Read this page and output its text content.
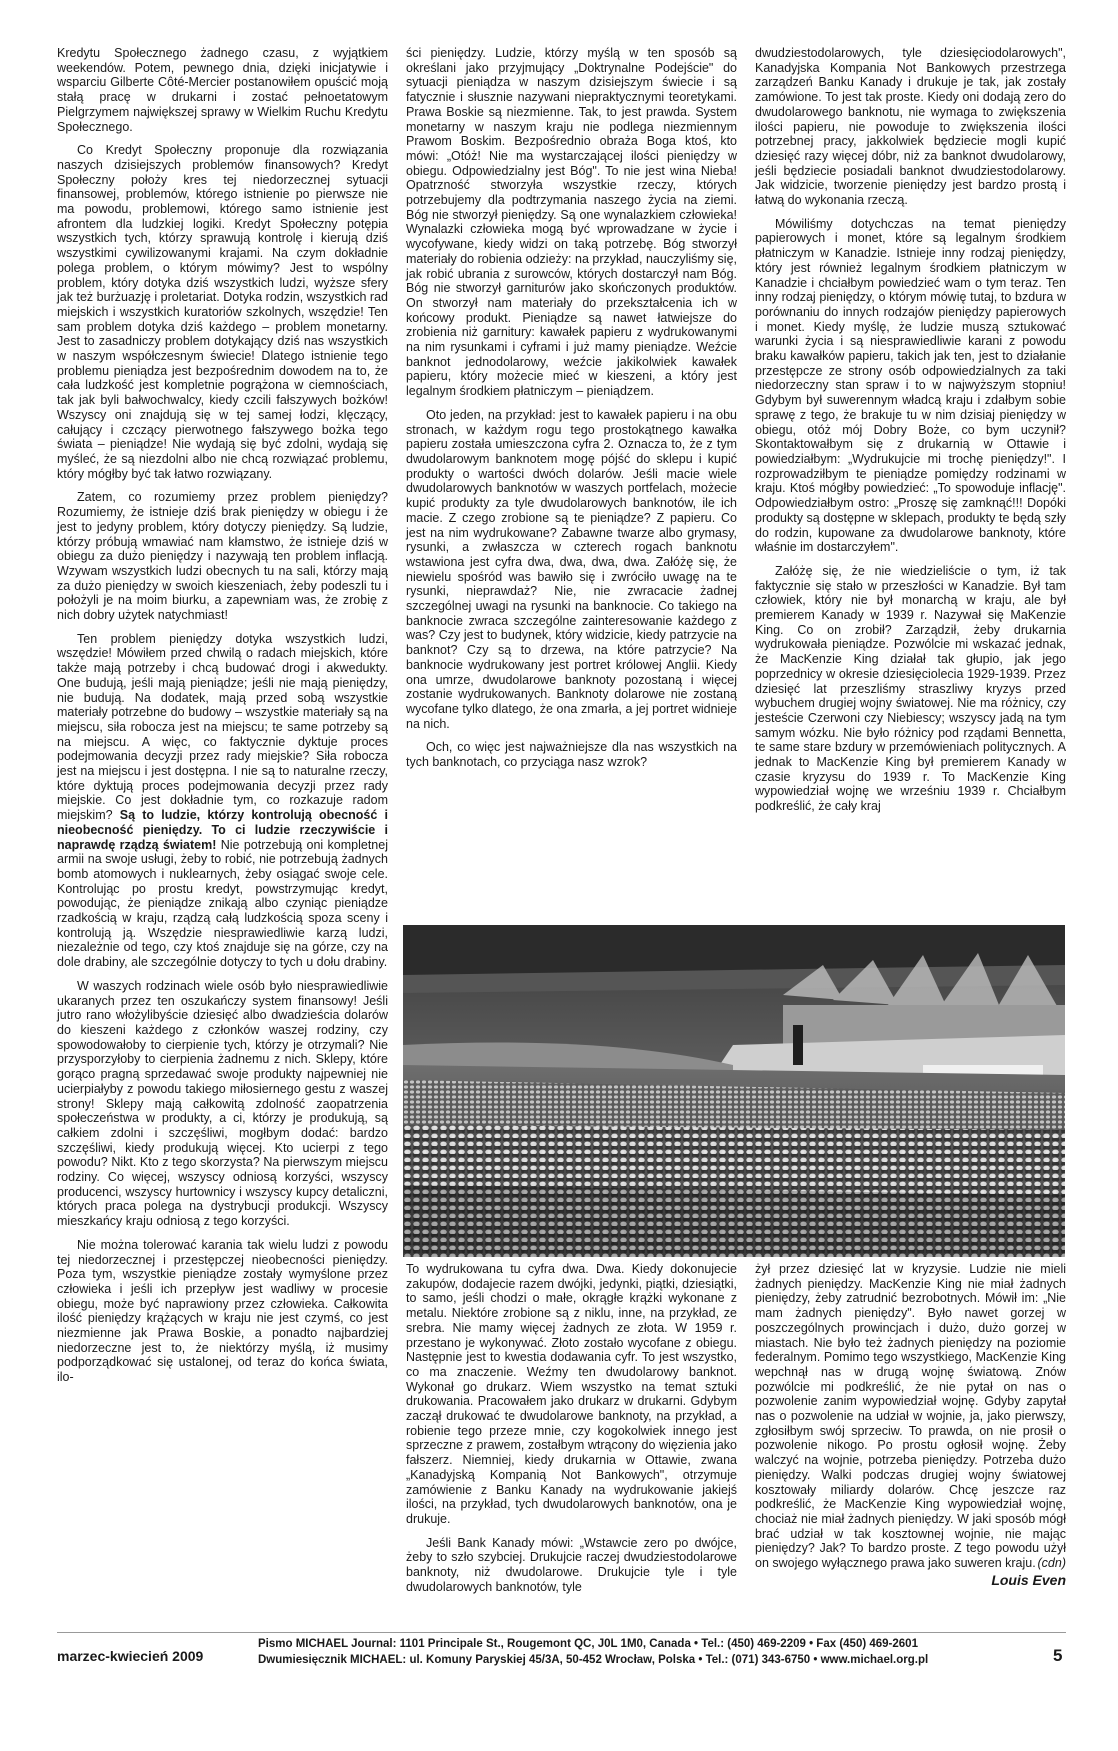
Kredytu Społecznego żadnego czasu, z wyjątkiem weekendów. Potem, pewnego dnia, dzięki inicjatywie i wsparciu Gilberte Côté-Mercier postanowiłem opuścić moją stałą pracę w drukarni i zostać pełnoetatowym Pielgrzymem największej sprawy w Wielkim Ruchu Kredytu Społecznego.

Co Kredyt Społeczny proponuje dla rozwiązania naszych dzisiejszych problemów finansowych? Kredyt Społeczny położy kres tej niedorzecznej sytuacji finansowej, problemów, którego istnienie po pierwsze nie ma powodu, problemowi, którego samo istnienie jest afrontem dla ludzkiej logiki. Kredyt Społeczny potępia wszystkich tych, którzy sprawują kontrolę i kierują dziś wszystkimi cywilizowanymi krajami. Na czym dokładnie polega problem, o którym mówimy? Jest to wspólny problem, który dotyka dziś wszystkich ludzi, wyższe sfery jak też burżuazję i proletariat. Dotyka rodzin, wszystkich rad miejskich i wszystkich kuratoriów szkolnych, wszędzie! Ten sam problem dotyka dziś każdego – problem monetarny. Jest to zasadniczy problem dotykający dziś nas wszystkich w naszym współczesnym świecie! Dlatego istnienie tego problemu pieniądza jest bezpośrednim dowodem na to, że cała ludzkość jest kompletnie pogrążona w ciemnościach, tak jak byli bałwochwalcy, kiedy czcili fałszywych bożków! Wszyscy oni znajdują się w tej samej łodzi, klęczący, całujący i czczący pierwotnego fałszywego bożka tego świata – pieniądze! Nie wydają się być zdolni, wydają się myśleć, że są niezdolni albo nie chcą rozwiązać problemu, który mógłby być tak łatwo rozwiązany.

Zatem, co rozumiemy przez problem pieniędzy? Rozumiemy, że istnieje dziś brak pieniędzy w obiegu i że jest to jedyny problem, który dotyczy pieniędzy. Są ludzie, którzy próbują wmawiać nam kłamstwo, że istnieje dziś w obiegu za dużo pieniędzy i nazywają ten problem inflacją. Wzywam wszystkich ludzi obecnych tu na sali, którzy mają za dużo pieniędzy w swoich kieszeniach, żeby podeszli tu i położyli je na moim biurku, a zapewniam was, że zrobię z nich dobry użytek natychmiast!

Ten problem pieniędzy dotyka wszystkich ludzi, wszędzie! Mówiłem przed chwilą o radach miejskich, które także mają potrzeby i chcą budować drogi i akwedukty. One budują, jeśli mają pieniądze; jeśli nie mają pieniędzy, nie budują. Na dodatek, mają przed sobą wszystkie materiały potrzebne do budowy – wszystkie materiały są na miejscu, siła robocza jest na miejscu; te same potrzeby są na miejscu. A więc, co faktycznie dyktuje proces podejmowania decyzji przez rady miejskie? Siła robocza jest na miejscu i jest dostępna. I nie są to naturalne rzeczy, które dyktują proces podejmowania decyzji przez rady miejskie. Co jest dokładnie tym, co rozkazuje radom miejskim? Są to ludzie, którzy kontrolują obecność i nieobecność pieniędzy. To ci ludzie rzeczywiście i naprawdę rządzą światem! Nie potrzebują oni kompletnej armii na swoje usługi, żeby to robić, nie potrzebują żadnych bomb atomowych i nuklearnych, żeby osiągać swoje cele. Kontrolując po prostu kredyt, powstrzymując kredyt, powodując, że pieniądze znikają albo czyniąc pieniądze rzadkością w kraju, rządzą całą ludzkością spoza sceny i kontrolują ją. Wszędzie niesprawiedliwie karzą ludzi, niezależnie od tego, czy ktoś znajduje się na górze, czy na dole drabiny, ale szczególnie dotyczy to tych u dołu drabiny.

W waszych rodzinach wiele osób było niesprawiedliwie ukaranych przez ten oszukańczy system finansowy! Jeśli jutro rano włożylibyście dziesięć albo dwadzieścia dolarów do kieszeni każdego z członków waszej rodziny, czy spowodowałoby to cierpienie tych, którzy je otrzymali? Nie przysporzyłoby to cierpienia żadnemu z nich. Sklepy, które gorąco pragną sprzedawać swoje produkty najpewniej nie ucierpiałyby z powodu takiego miłosiernego gestu z waszej strony! Sklepy mają całkowitą zdolność zaopatrzenia społeczeństwa w produkty, a ci, którzy je produkują, są całkiem zdolni i szczęśliwi, mogłbym dodać: bardzo szczęśliwi, kiedy produkują więcej. Kto ucierpi z tego powodu? Nikt. Kto z tego skorzysta? Na pierwszym miejscu rodziny. Co więcej, wszyscy odniosą korzyści, wszyscy producenci, wszyscy hurtownicy i wszyscy kupcy detaliczni, których praca polega na dystrybucji produkcji. Wszyscy mieszkańcy kraju odniosą z tego korzyści.

Nie można tolerować karania tak wielu ludzi z powodu tej niedorzecznej i przestępczej nieobecności pieniędzy. Poza tym, wszystkie pieniądze zostały wymyślone przez człowieka i jeśli ich przepływ jest wadliwy w procesie obiegu, może być naprawiony przez człowieka. Całkowita ilość pieniędzy krążących w kraju nie jest czymś, co jest niezmienne jak Prawa Boskie, a ponadto najbardziej niedorzeczne jest to, że niektórzy myślą, iż musimy podporządkować się ustalonej, od teraz do końca świata, ilo-

ści pieniędzy. Ludzie, którzy myślą w ten sposób są określani jako przyjmujący „Doktrynalne Podejście" do sytuacji pieniądza w naszym dzisiejszym świecie i są fatycznie i słusznie nazywani niepraktycznymi teoretykami. Prawa Boskie są niezmienne. Tak, to jest prawda. System monetarny w naszym kraju nie podlega niezmiennym Prawom Boskim. Bezpośrednio obraża Boga ktoś, kto mówi: „Otóż! Nie ma wystarczającej ilości pieniędzy w obiegu. Odpowiedzialny jest Bóg". To nie jest wina Nieba! Opatrzność stworzyła wszystkie rzeczy, których potrzebujemy dla podtrzymania naszego życia na ziemi. Bóg nie stworzył pieniędzy. Są one wynalazkiem człowieka! Wynalazki człowieka mogą być wprowadzane w życie i wycofywane, kiedy widzi on taką potrzebę. Bóg stworzył materiały do robienia odzieży: na przykład, nauczyliśmy się, jak robić ubrania z surowców, których dostarczył nam Bóg. Bóg nie stworzył garniturów jako skończonych produktów. On stworzył nam materiały do przekształcenia ich w końcowy produkt. Pieniądze są nawet łatwiejsze do zrobienia niż garnitury: kawałek papieru z wydrukowanymi na nim rysunkami i cyframi i już mamy pieniądze. Weźcie banknot jednodolarowy, weźcie jakikolwiek kawałek papieru, który możecie mieć w kieszeni, a który jest legalnym środkiem płatniczym – pieniądzem.

Oto jeden, na przykład: jest to kawałek papieru i na obu stronach, w każdym rogu tego prostokątnego kawałka papieru została umieszczona cyfra 2. Oznacza to, że z tym dwudolarowym banknotem mogę pójść do sklepu i kupić produkty o wartości dwóch dolarów. Jeśli macie wiele dwudolarowych banknotów w waszych portfelach, możecie kupić produkty za tyle dwudolarowych banknotów, ile ich macie. Z czego zrobione są te pieniądze? Z papieru. Co jest na nim wydrukowane? Zabawne twarze albo grymasy, rysunki, a zwłaszcza w czterech rogach banknotu wstawiona jest cyfra dwa, dwa, dwa, dwa. Załóżę się, że niewielu spośród was bawiło się i zwróciło uwagę na te rysunki, nieprawdaż? Nie, nie zwracacie żadnej szczególnej uwagi na rysunki na banknocie. Co takiego na banknocie zwraca szczególne zainteresowanie każdego z was? Czy jest to budynek, który widzicie, kiedy patrzycie na banknot? Czy są to drzewa, na które patrzycie? Na banknocie wydrukowany jest portret królowej Anglii. Kiedy ona umrze, dwudolarowe banknoty pozostaną i więcej zostanie wydrukowanych. Banknoty dolarowe nie zostaną wycofane tylko dlatego, że ona zmarła, a jej portret widnieje na nich.

Och, co więc jest najważniejsze dla nas wszystkich na tych banknotach, co przyciąga nasz wzrok?

dwudziestodolarowych, tyle dziesięciodolarowych", Kanadyjska Kompania Not Bankowych przestrzega zarządzeń Banku Kanady i drukuje je tak, jak zostały zamówione. To jest tak proste. Kiedy oni dodają zero do dwudolarowego banknotu, nie wymaga to zwiększenia ilości papieru, nie powoduje to zwiększenia ilości potrzebnej pracy, jakkolwiek będziecie mogli kupić dziesięć razy więcej dóbr, niż za banknot dwudolarowy, jeśli będziecie posiadali banknot dwudziestodolarowy. Jak widzicie, tworzenie pieniędzy jest bardzo prostą i łatwą do wykonania rzeczą.

Mówiliśmy dotychczas na temat pieniędzy papierowych i monet, które są legalnym środkiem płatniczym w Kanadzie. Istnieje inny rodzaj pieniędzy, który jest również legalnym środkiem płatniczym w Kanadzie i chciałbym powiedzieć wam o tym teraz. Ten inny rodzaj pieniędzy, o którym mówię tutaj, to bzdura w porównaniu do innych rodzajów pieniędzy papierowych i monet. Kiedy myślę, że ludzie muszą sztukować warunki życia i są niesprawiedliwie karani z powodu braku kawałków papieru, takich jak ten, jest to działanie przestępcze ze strony osób odpowiedzialnych za taki niedorzeczny stan spraw i to w najwyższym stopniu! Gdybym był suwerennym władcą kraju i zdałbym sobie sprawę z tego, że brakuje tu w nim dzisiaj pieniędzy w obiegu, otóż mój Dobry Boże, co bym uczynił? Skontaktowałbym się z drukarnią w Ottawie i powiedziałbym: „Wydrukujcie mi trochę pieniędzy!". I rozprowadziłbym te pieniądze pomiędzy rodzinami w kraju. Ktoś mógłby powiedzieć: „To spowoduje inflację". Odpowiedziałbym ostro: „Proszę się zamknąć!!! Dopóki produkty są dostępne w sklepach, produkty te będą szły do rodzin, kupowane za dwudolarowe banknoty, które właśnie im dostarczyłem".

Załóżę się, że nie wiedzieliście o tym, iż tak faktycznie się stało w przeszłości w Kanadzie. Był tam człowiek, który nie był monarchą w kraju, ale był premierem Kanady w 1939 r. Nazywał się MaKenzie King. Co on zrobił? Zarządził, żeby drukarnia wydrukowała pieniądze. Pozwólcie mi wskazać jednak, że MacKenzie King działał tak głupio, jak jego poprzednicy w okresie dziesięciolecia 1929-1939. Przez dziesięć lat przeszliśmy straszliwy kryzys przed wybuchem drugiej wojny światowej. Nie ma różnicy, czy jesteście Czerwoni czy Niebiescy; wszyscy jadą na tym samym wózku. Nie było różnicy pod rządami Bennetta, te same stare bzdury w przemówieniach politycznych. A jednak to MacKenzie King był premierem Kanady w czasie kryzysu do 1939 r. To MacKenzie King wypowiedział wojnę we wrześniu 1939 r. Chciałbym podkreślić, że cały kraj

To wydrukowana tu cyfra dwa. Dwa. Kiedy dokonujecie zakupów, dodajecie razem dwójki, jedynki, piątki, dziesiątki, to samo, jeśli chodzi o małe, okrągłe krążki wykonane z metalu. Niektóre zrobione są z niklu, inne, na przykład, ze srebra. Nie mamy więcej żadnych ze złota. W 1959 r. przestano je wykonywać. Złoto zostało wycofane z obiegu. Następnie jest to kwestia dodawania cyfr. To jest wszystko, co ma znaczenie. Weźmy ten dwudolarowy banknot. Wykonał go drukarz. Wiem wszystko na temat sztuki drukowania. Pracowałem jako drukarz w drukarni. Gdybym zaczął drukować te dwudolarowe banknoty, na przykład, a robienie tego przeze mnie, czy kogokolwiek innego jest sprzeczne z prawem, zostałbym wtrącony do więzienia jako fałszerz. Niemniej, kiedy drukarnia w Ottawie, zwana „Kanadyjską Kompanią Not Bankowych", otrzymuje zamówienie z Banku Kanady na wydrukowanie jakiejś ilości, na przykład, tych dwudolarowych banknotów, ona je drukuje.

Jeśli Bank Kanady mówi: „Wstawcie zero po dwójce, żeby to szło szybciej. Drukujcie raczej dwudziestodolarowe banknoty, niż dwudolarowe. Drukujcie tyle i tyle dwudolarowych banknotów, tyle

żył przez dziesięć lat w kryzysie. Ludzie nie mieli żadnych pieniędzy. MacKenzie King nie miał żadnych pieniędzy, żeby zatrudnić bezrobotnych. Mówił im: „Nie mam żadnych pieniędzy". Było nawet gorzej w poszczególnych prowincjach i dużo, dużo gorzej w miastach. Nie było też żadnych pieniędzy na poziomie federalnym. Pomimo tego wszystkiego, MacKenzie King wepchnął nas w drugą wojnę światową. Znów pozwólcie mi podkreślić, że nie pytał on nas o pozwolenie zanim wypowiedział wojnę. Gdyby zapytał nas o pozwolenie na udział w wojnie, ja, jako pierwszy, zgłosiłbym swój sprzeciw. To prawda, on nie prosił o pozwolenie nikogo. Po prostu ogłosił wojnę. Żeby walczyć na wojnie, potrzeba pieniędzy. Potrzeba dużo pieniędzy. Walki podczas drugiej wojny światowej kosztowały miliardy dolarów. Chcę jeszcze raz podkreślić, że MacKenzie King wypowiedział wojnę, chociaż nie miał żadnych pieniędzy. W jaki sposób mógł brać udział w tak kosztownej wojnie, nie mając pieniędzy? Jak? To bardzo proste. Z tego powodu użył on swojego wyłącznego prawa jako suweren kraju. (cdn)

Louis Even
marzec-kwiecień 2009
Pismo MICHAEL Journal: 1101 Principale St., Rougemont QC, J0L 1M0, Canada • Tel.: (450) 469-2209 • Fax (450) 469-2601
Dwumiesięcznik MICHAEL: ul. Komuny Paryskiej 45/3A, 50-452 Wrocław, Polska • Tel.: (071) 343-6750 • www.michael.org.pl	5
